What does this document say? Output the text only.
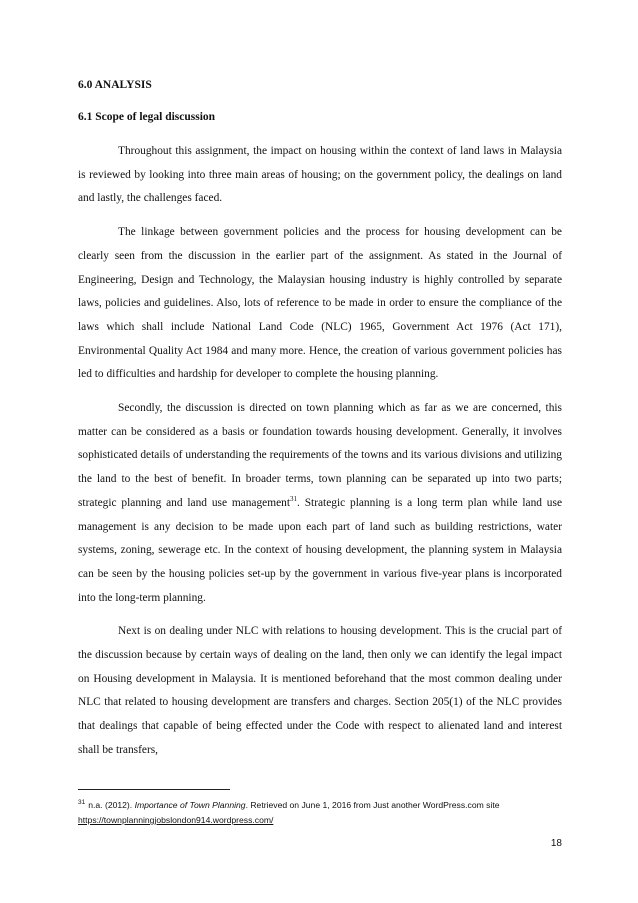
6.0 ANALYSIS
6.1 Scope of legal discussion

Throughout this assignment, the impact on housing within the context of land laws in Malaysia is reviewed by looking into three main areas of housing; on the government policy, the dealings on land and lastly, the challenges faced.

The linkage between government policies and the process for housing development can be clearly seen from the discussion in the earlier part of the assignment. As stated in the Journal of Engineering, Design and Technology, the Malaysian housing industry is highly controlled by separate laws, policies and guidelines. Also, lots of reference to be made in order to ensure the compliance of the laws which shall include National Land Code (NLC) 1965, Government Act 1976 (Act 171), Environmental Quality Act 1984 and many more. Hence, the creation of various government policies has led to difficulties and hardship for developer to complete the housing planning.

Secondly, the discussion is directed on town planning which as far as we are concerned, this matter can be considered as a basis or foundation towards housing development. Generally, it involves sophisticated details of understanding the requirements of the towns and its various divisions and utilizing the land to the best of benefit. In broader terms, town planning can be separated up into two parts; strategic planning and land use management$^{31}$. Strategic planning is a long term plan while land use management is any decision to be made upon each part of land such as building restrictions, water systems, zoning, sewerage etc. In the context of housing development, the planning system in Malaysia can be seen by the housing policies set-up by the government in various five-year plans is incorporated into the long-term planning.

Next is on dealing under NLC with relations to housing development. This is the crucial part of the discussion because by certain ways of dealing on the land, then only we can identify the legal impact on Housing development in Malaysia. It is mentioned beforehand that the most common dealing under NLC that related to housing development are transfers and charges. Section 205(1) of the NLC provides that dealings that capable of being effected under the Code with respect to alienated land and interest shall be transfers,

$^{31}$ n.a. (2012). Importance of Town Planning. Retrieved on June 1, 2016 from Just another WordPress.com site
https://townplanningjobslondon914.wordpress.com/
18
